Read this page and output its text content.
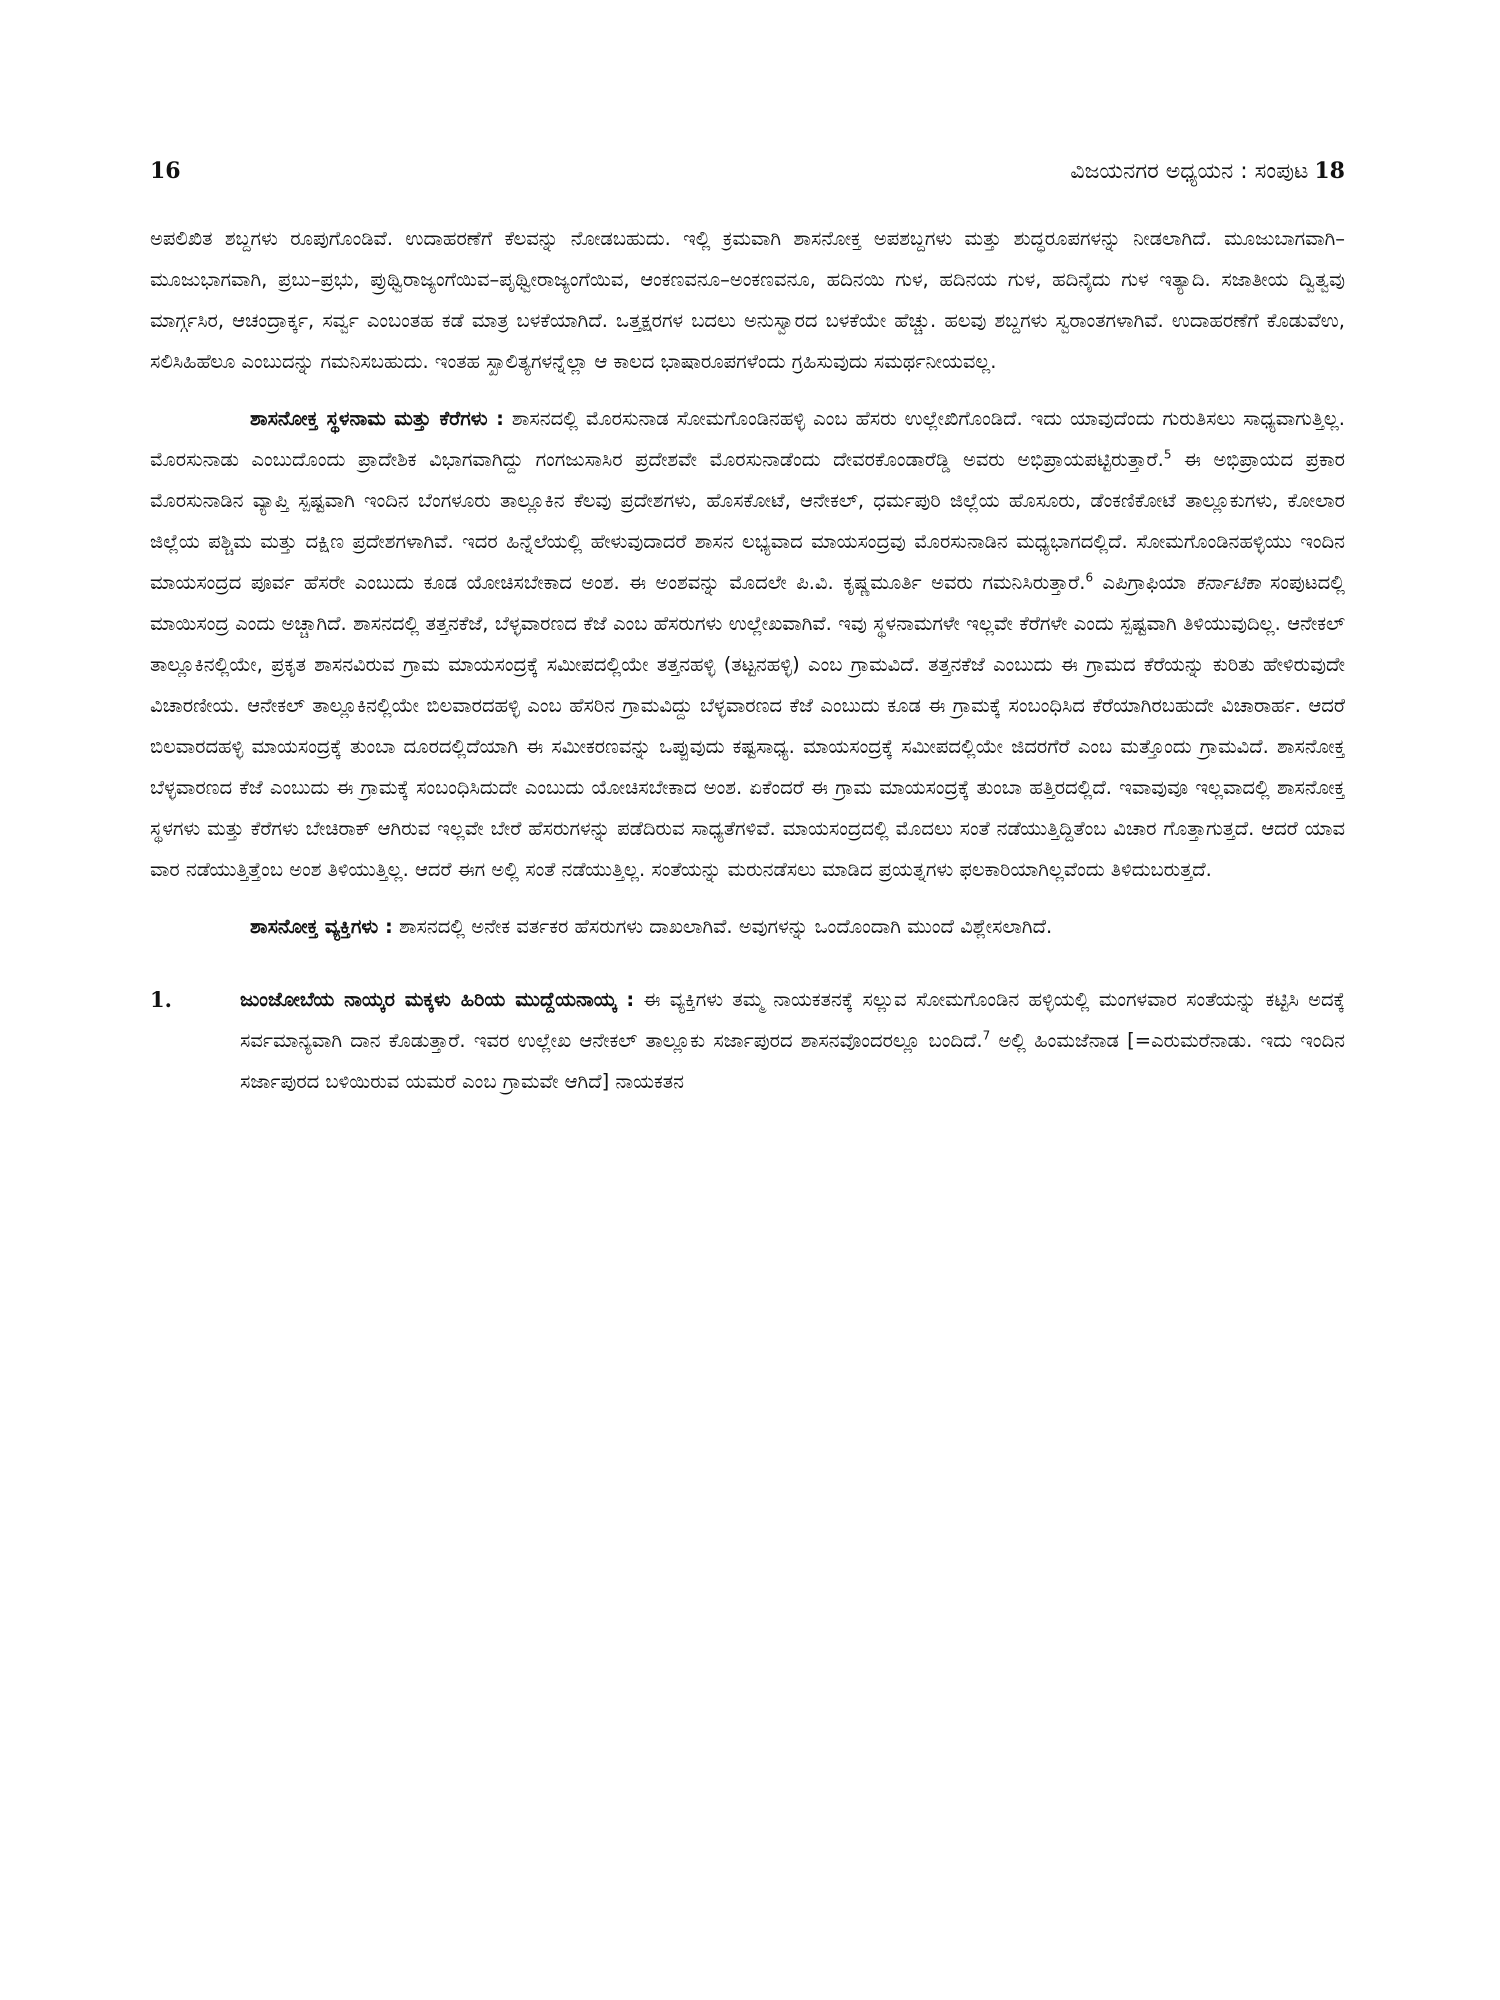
16	ವಿಜಯನಗರ ಅಧ್ಯಯನ : ಸಂಪುಟ 18

ಅಪಲಿಖಿತ ಶಬ್ದಗಳು ರೂಪುಗೊಂಡಿವೆ. ಉದಾಹರಣೆಗೆ ಕೆಲವನ್ನು ನೋಡಬಹುದು. ಇಲ್ಲಿ ಕ್ರಮವಾಗಿ ಶಾಸನೋಕ್ತ ಅಪಶಬ್ದಗಳು ಮತ್ತು ಶುದ್ಧರೂಪಗಳನ್ನು ನೀಡಲಾಗಿದೆ. ಮೂಜುಬಾಗವಾಗಿ–ಮೂಜುಭಾಗವಾಗಿ, ಪ್ರಬು–ಪ್ರಭು, ಪ್ರುಥ್ವಿರಾಜ್ಯಂಗೆಯಿವ–ಪೃಥ್ವೀರಾಜ್ಯಂಗೆಯಿವ, ಆಂಕಣವನೂ–ಅಂಕಣವನೂ, ಹದಿನಯಿ ಗುಳ, ಹದಿನಯ ಗುಳ, ಹದಿನೈದು ಗುಳ ಇತ್ಯಾದಿ. ಸಜಾತೀಯ ದ್ವಿತ್ವವು ಮಾರ್ಗ್ಗಸಿರ, ಆಚಂದ್ರಾರ್ಕ್ಕ, ಸರ್ವ್ವ ಎಂಬಂತಹ ಕಡೆ ಮಾತ್ರ ಬಳಕೆಯಾಗಿದೆ. ಒತ್ತಕ್ಷರಗಳ ಬದಲು ಅನುಸ್ವಾರದ ಬಳಕೆಯೇ ಹೆಚ್ಚು. ಹಲವು ಶಬ್ದಗಳು ಸ್ವರಾಂತಗಳಾಗಿವೆ. ಉದಾಹರಣೆಗೆ ಕೊಡುವೆಉ, ಸಲಿಸಿಹಿಹೆಲೂ ಎಂಬುದನ್ನು ಗಮನಿಸಬಹುದು. ಇಂತಹ ಸ್ಖಾಲಿತ್ಯಗಳನ್ನೆಲ್ಲಾ ಆ ಕಾಲದ ಭಾಷಾರೂಪಗಳೆಂದು ಗ್ರಹಿಸುವುದು ಸಮರ್ಥನೀಯವಲ್ಲ.

ಶಾಸನೋಕ್ತ ಸ್ಥಳನಾಮ ಮತ್ತು ಕೆರೆಗಳು : ಶಾಸನದಲ್ಲಿ ಮೊರಸುನಾಡ ಸೋಮಗೊಂಡಿನಹಳ್ಳಿ ಎಂಬ ಹೆಸರು ಉಲ್ಲೇಖಿಗೊಂಡಿದೆ. ಇದು ಯಾವುದೆಂದು ಗುರುತಿಸಲು ಸಾಧ್ಯವಾಗುತ್ತಿಲ್ಲ. ಮೊರಸುನಾಡು ಎಂಬುದೊಂದು ಪ್ರಾದೇಶಿಕ ವಿಭಾಗವಾಗಿದ್ದು ಗಂಗಜುಸಾಸಿರ ಪ್ರದೇಶವೇ ಮೊರಸುನಾಡೆಂದು ದೇವರಕೊಂಡಾರೆಡ್ಡಿ ಅವರು ಅಭಿಪ್ರಾಯಪಟ್ಟಿರುತ್ತಾರೆ.$^5$ ಈ ಅಭಿಪ್ರಾಯದ ಪ್ರಕಾರ ಮೊರಸುನಾಡಿನ ವ್ಯಾಪ್ತಿ ಸ್ಪಷ್ಟವಾಗಿ ಇಂದಿನ ಬೆಂಗಳೂರು ತಾಲ್ಲೂಕಿನ ಕೆಲವು ಪ್ರದೇಶಗಳು, ಹೊಸಕೋಟೆ, ಆನೇಕಲ್, ಧರ್ಮಪುರಿ ಜಿಲ್ಲೆಯ ಹೊಸೂರು, ಡೆಂಕಣಿಕೋಟೆ ತಾಲ್ಲೂಕುಗಳು, ಕೋಲಾರ ಜಿಲ್ಲೆಯ ಪಶ್ಚಿಮ ಮತ್ತು ದಕ್ಷಿಣ ಪ್ರದೇಶಗಳಾಗಿವೆ. ಇದರ ಹಿನ್ನೆಲೆಯಲ್ಲಿ ಹೇಳುವುದಾದರೆ ಶಾಸನ ಲಭ್ಯವಾದ ಮಾಯಸಂದ್ರವು ಮೊರಸುನಾಡಿನ ಮಧ್ಯಭಾಗದಲ್ಲಿದೆ. ಸೋಮಗೊಂಡಿನಹಳ್ಳಿಯು ಇಂದಿನ ಮಾಯಸಂದ್ರದ ಪೂರ್ವ ಹೆಸರೇ ಎಂಬುದು ಕೂಡ ಯೋಚಿಸಬೇಕಾದ ಅಂಶ. ಈ ಅಂಶವನ್ನು ಮೊದಲೇ ಪಿ.ವಿ. ಕೃಷ್ಣಮೂರ್ತಿ ಅವರು ಗಮನಿಸಿರುತ್ತಾರೆ.$^6$ ಎಪಿಗ್ರಾಫಿಯಾ ಕರ್ನಾಟಿಕಾ ಸಂಪುಟದಲ್ಲಿ ಮಾಯಿಸಂದ್ರ ಎಂದು ಅಚ್ಚಾಗಿದೆ. ಶಾಸನದಲ್ಲಿ ತತ್ತನಕೆಜೆ, ಬೆಳ್ಳವಾರಣದ ಕೆಜೆ ಎಂಬ ಹೆಸರುಗಳು ಉಲ್ಲೇಖವಾಗಿವೆ. ಇವು ಸ್ಥಳನಾಮಗಳೇ ಇಲ್ಲವೇ ಕೆರೆಗಳೇ ಎಂದು ಸ್ಪಷ್ಟವಾಗಿ ತಿಳಿಯುವುದಿಲ್ಲ. ಆನೇಕಲ್ ತಾಲ್ಲೂಕಿನಲ್ಲಿಯೇ, ಪ್ರಕೃತ ಶಾಸನವಿರುವ ಗ್ರಾಮ ಮಾಯಸಂದ್ರಕ್ಕೆ ಸಮೀಪದಲ್ಲಿಯೇ ತತ್ತನಹಳ್ಳಿ (ತಟ್ಟನಹಳ್ಳಿ) ಎಂಬ ಗ್ರಾಮವಿದೆ. ತತ್ತನಕೆಜೆ ಎಂಬುದು ಈ ಗ್ರಾಮದ ಕೆರೆಯನ್ನು ಕುರಿತು ಹೇಳಿರುವುದೇ ವಿಚಾರಣೀಯ. ಆನೇಕಲ್ ತಾಲ್ಲೂಕಿನಲ್ಲಿಯೇ ಬಿಲವಾರದಹಳ್ಳಿ ಎಂಬ ಹೆಸರಿನ ಗ್ರಾಮವಿದ್ದು ಬೆಳ್ಳವಾರಣದ ಕೆಜೆ ಎಂಬುದು ಕೂಡ ಈ ಗ್ರಾಮಕ್ಕೆ ಸಂಬಂಧಿಸಿದ ಕೆರೆಯಾಗಿರಬಹುದೇ ವಿಚಾರಾರ್ಹ. ಆದರೆ ಬಿಲವಾರದಹಳ್ಳಿ ಮಾಯಸಂದ್ರಕ್ಕೆ ತುಂಬಾ ದೂರದಲ್ಲಿದೆಯಾಗಿ ಈ ಸಮೀಕರಣವನ್ನು ಒಪ್ಪುವುದು ಕಷ್ಟಸಾಧ್ಯ. ಮಾಯಸಂದ್ರಕ್ಕೆ ಸಮೀಪದಲ್ಲಿಯೇ ಜಿದರಗೆರೆ ಎಂಬ ಮತ್ತೊಂದು ಗ್ರಾಮವಿದೆ. ಶಾಸನೋಕ್ತ ಬೆಳ್ಳವಾರಣದ ಕೆಜೆ ಎಂಬುದು ಈ ಗ್ರಾಮಕ್ಕೆ ಸಂಬಂಧಿಸಿದುದೇ ಎಂಬುದು ಯೋಚಿಸಬೇಕಾದ ಅಂಶ. ಏಕೆಂದರೆ ಈ ಗ್ರಾಮ ಮಾಯಸಂದ್ರಕ್ಕೆ ತುಂಬಾ ಹತ್ತಿರದಲ್ಲಿದೆ. ಇವಾವುವೂ ಇಲ್ಲವಾದಲ್ಲಿ ಶಾಸನೋಕ್ತ ಸ್ಥಳಗಳು ಮತ್ತು ಕೆರೆಗಳು ಬೇಚಿರಾಕ್ ಆಗಿರುವ ಇಲ್ಲವೇ ಬೇರೆ ಹೆಸರುಗಳನ್ನು ಪಡೆದಿರುವ ಸಾಧ್ಯತೆಗಳಿವೆ. ಮಾಯಸಂದ್ರದಲ್ಲಿ ಮೊದಲು ಸಂತೆ ನಡೆಯುತ್ತಿದ್ದಿತೆಂಬ ವಿಚಾರ ಗೊತ್ತಾಗುತ್ತದೆ. ಆದರೆ ಯಾವ ವಾರ ನಡೆಯುತ್ತಿತ್ತೆಂಬ ಅಂಶ ತಿಳಿಯುತ್ತಿಲ್ಲ. ಆದರೆ ಈಗ ಅಲ್ಲಿ ಸಂತೆ ನಡೆಯುತ್ತಿಲ್ಲ. ಸಂತೆಯನ್ನು ಮರುನಡೆಸಲು ಮಾಡಿದ ಪ್ರಯತ್ನಗಳು ಫಲಕಾರಿಯಾಗಿಲ್ಲವೆಂದು ತಿಳಿದುಬರುತ್ತದೆ.

ಶಾಸನೋಕ್ತ ವ್ಯಕ್ತಿಗಳು : ಶಾಸನದಲ್ಲಿ ಅನೇಕ ವರ್ತಕರ ಹೆಸರುಗಳು ದಾಖಲಾಗಿವೆ. ಅವುಗಳನ್ನು ಒಂದೊಂದಾಗಿ ಮುಂದೆ ವಿಶ್ಲೇಸಲಾಗಿದೆ.

1.	ಜುಂಜೋಬೆಯ ನಾಯ್ಕರ ಮಕ್ಕಳು ಹಿರಿಯ ಮುದ್ದೆಯನಾಯ್ಕ : ಈ ವ್ಯಕ್ತಿಗಳು ತಮ್ಮ ನಾಯಕತನಕ್ಕೆ ಸಲ್ಲುವ ಸೋಮಗೊಂಡಿನ ಹಳ್ಳಿಯಲ್ಲಿ ಮಂಗಳವಾರ ಸಂತೆಯನ್ನು ಕಟ್ಟಿಸಿ ಅದಕ್ಕೆ ಸರ್ವಮಾನ್ಯವಾಗಿ ದಾನ ಕೊಡುತ್ತಾರೆ. ಇವರ ಉಲ್ಲೇಖ ಆನೇಕಲ್ ತಾಲ್ಲೂಕು ಸರ್ಜಾಪುರದ ಶಾಸನವೊಂದರಲ್ಲೂ ಬಂದಿದೆ.$^7$ ಅಲ್ಲಿ ಹಿಂಮಜೆನಾಡ [=ಎರುಮರೆನಾಡು. ಇದು ಇಂದಿನ ಸರ್ಜಾಪುರದ ಬಳಿಯಿರುವ ಯಮರೆ ಎಂಬ ಗ್ರಾಮವೇ ಆಗಿದೆ] ನಾಯಕತನ
